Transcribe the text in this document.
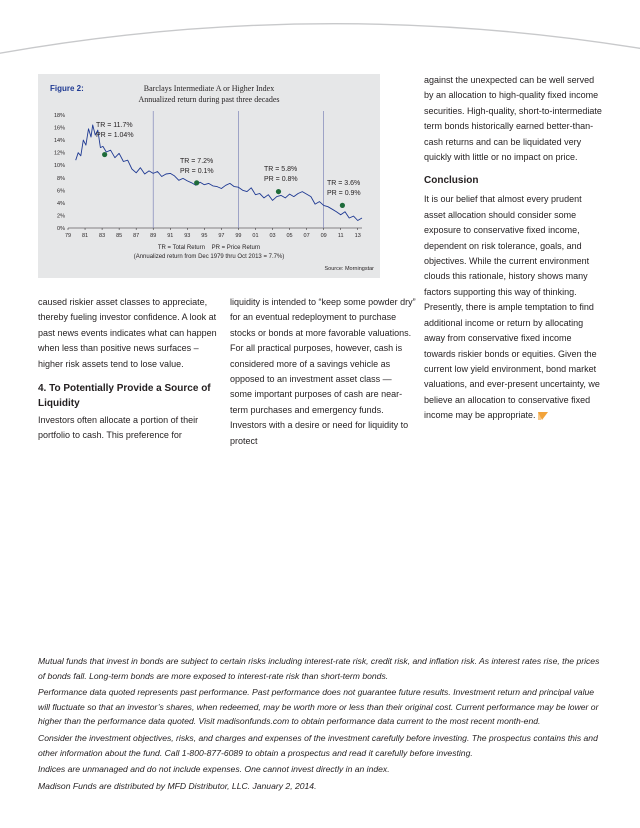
0%
2%
4%
6%
8%
10%
12%
14%
16%
18%
79 81 83 85 87 89 91 93 95 97 99 01 03 05 07 09 11 13
TR = 11.7%
PR = 1.04%
TR = 7.2%
PR = 0.1%	TR = 5.8%
PR = 0.8%
TR = 3.6%
PR = 0.9%
Figure 2:	Barclays Intermediate A or Higher Index
Annualized return during past three decades
TR = Total Return    PR = Price Return
(Annualized return from Dec 1979 thru Oct 2013 = 7.7%)
Source: Morningstar

caused riskier asset classes to appreciate, thereby fueling investor confidence. A look at past news events indicates what can happen when less than positive news surfaces – higher risk assets tend to lose value.

4. To Potentially Provide a Source of Liquidity

Investors often allocate a portion of their portfolio to cash. This preference for

liquidity is intended to “keep some powder dry” for an eventual redeployment to purchase stocks or bonds at more favorable valuations. For all practical purposes, however, cash is considered more of a savings vehicle as opposed to an investment asset class — some important purposes of cash are near-term purchases and emergency funds. Investors with a desire or need for liquidity to protect

against the unexpected can be well served by an allocation to high-quality fixed income securities. High-quality, short-to-intermediate term bonds historically earned better-than-cash returns and can be liquidated very quickly with little or no impact on price.

Conclusion

It is our belief that almost every prudent asset allocation should consider some exposure to conservative fixed income, dependent on risk tolerance, goals, and objectives. While the current environment clouds this rationale, history shows many factors supporting this way of thinking. Presently, there is ample temptation to find additional income or return by allocating away from conservative fixed income towards riskier bonds or equities. Given the current low yield environment, bond market valuations, and ever-present uncertainty, we believe an allocation to conservative fixed income may be appropriate.

Mutual funds that invest in bonds are subject to certain risks including interest-rate risk, credit risk, and inflation risk. As interest rates rise, the prices of bonds fall. Long-term bonds are more exposed to interest-rate risk than short-term bonds.

Performance data quoted represents past performance. Past performance does not guarantee future results. Investment return and principal value will fluctuate so that an investor’s shares, when redeemed, may be worth more or less than their original cost. Current performance may be lower or higher than the performance data quoted. Visit madisonfunds.com to obtain performance data current to the most recent month-end.

Consider the investment objectives, risks, and charges and expenses of the investment carefully before investing. The prospectus contains this and other information about the fund. Call 1-800-877-6089 to obtain a prospectus and read it carefully before investing.

Indices are unmanaged and do not include expenses. One cannot invest directly in an index.

Madison Funds are distributed by MFD Distributor, LLC. January 2, 2014.
